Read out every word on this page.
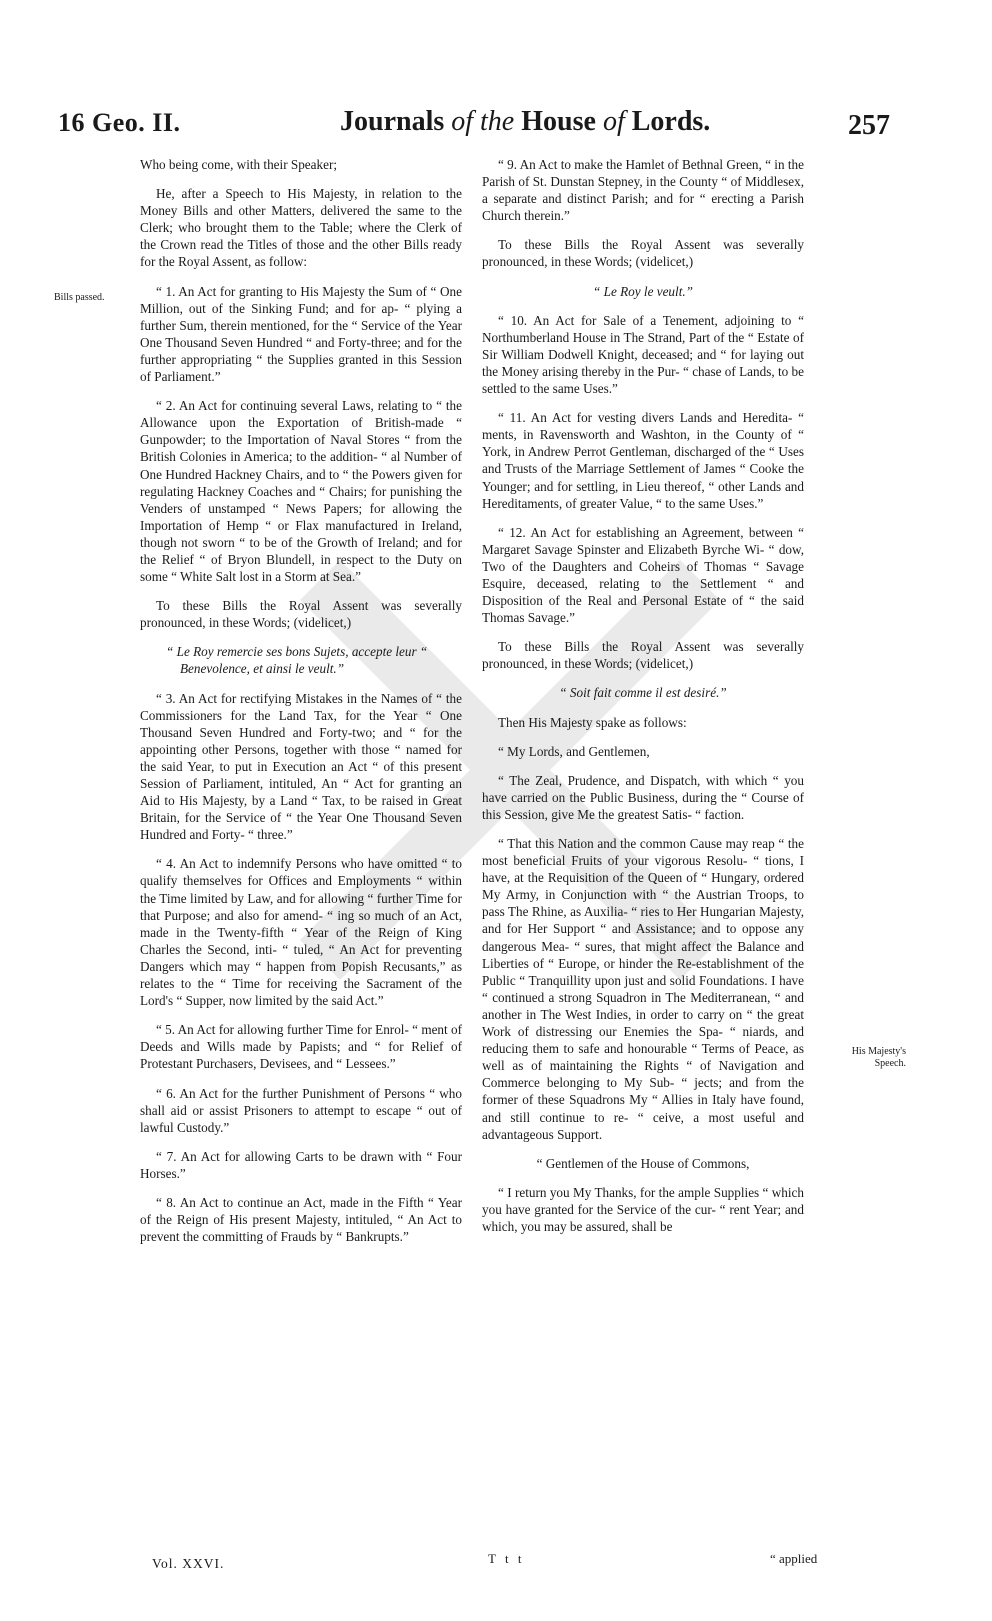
16 Geo. II.	Journals of the House of Lords.	257
Bills passed.
His Majesty's Speech.

Who being come, with their Speaker;

He, after a Speech to His Majesty, in relation to the Money Bills and other Matters, delivered the same to the Clerk; who brought them to the Table; where the Clerk of the Crown read the Titles of those and the other Bills ready for the Royal Assent, as follow:

“ 1. An Act for granting to His Majesty the Sum of “ One Million, out of the Sinking Fund; and for ap- “ plying a further Sum, therein mentioned, for the “ Service of the Year One Thousand Seven Hundred “ and Forty-three; and for the further appropriating “ the Supplies granted in this Session of Parliament.”

“ 2. An Act for continuing several Laws, relating to “ the Allowance upon the Exportation of British-made “ Gunpowder; to the Importation of Naval Stores “ from the British Colonies in America; to the addition- “ al Number of One Hundred Hackney Chairs, and to “ the Powers given for regulating Hackney Coaches and “ Chairs; for punishing the Venders of unstamped “ News Papers; for allowing the Importation of Hemp “ or Flax manufactured in Ireland, though not sworn “ to be of the Growth of Ireland; and for the Relief “ of Bryon Blundell, in respect to the Duty on some “ White Salt lost in a Storm at Sea.”

To these Bills the Royal Assent was severally pronounced, in these Words; (videlicet,)

“ Le Roy remercie ses bons Sujets, accepte leur “ Benevolence, et ainsi le veult.”

“ 3. An Act for rectifying Mistakes in the Names of “ the Commissioners for the Land Tax, for the Year “ One Thousand Seven Hundred and Forty-two; and “ for the appointing other Persons, together with those “ named for the said Year, to put in Execution an Act “ of this present Session of Parliament, intituled, An “ Act for granting an Aid to His Majesty, by a Land “ Tax, to be raised in Great Britain, for the Service of “ the Year One Thousand Seven Hundred and Forty- “ three.”

“ 4. An Act to indemnify Persons who have omitted “ to qualify themselves for Offices and Employments “ within the Time limited by Law, and for allowing “ further Time for that Purpose; and also for amend- “ ing so much of an Act, made in the Twenty-fifth “ Year of the Reign of King Charles the Second, inti- “ tuled, “ An Act for preventing Dangers which may “ happen from Popish Recusants,” as relates to the “ Time for receiving the Sacrament of the Lord's “ Supper, now limited by the said Act.”

“ 5. An Act for allowing further Time for Enrol- “ ment of Deeds and Wills made by Papists; and “ for Relief of Protestant Purchasers, Devisees, and “ Lessees.”

“ 6. An Act for the further Punishment of Persons “ who shall aid or assist Prisoners to attempt to escape “ out of lawful Custody.”

“ 7. An Act for allowing Carts to be drawn with “ Four Horses.”

“ 8. An Act to continue an Act, made in the Fifth “ Year of the Reign of His present Majesty, intituled, “ An Act to prevent the committing of Frauds by “ Bankrupts.”

“ 9. An Act to make the Hamlet of Bethnal Green, “ in the Parish of St. Dunstan Stepney, in the County “ of Middlesex, a separate and distinct Parish; and for “ erecting a Parish Church therein.”

To these Bills the Royal Assent was severally pronounced, in these Words; (videlicet,)

“ Le Roy le veult.”

“ 10. An Act for Sale of a Tenement, adjoining to “ Northumberland House in The Strand, Part of the “ Estate of Sir William Dodwell Knight, deceased; and “ for laying out the Money arising thereby in the Pur- “ chase of Lands, to be settled to the same Uses.”

“ 11. An Act for vesting divers Lands and Heredita- “ ments, in Ravensworth and Washton, in the County of “ York, in Andrew Perrot Gentleman, discharged of the “ Uses and Trusts of the Marriage Settlement of James “ Cooke the Younger; and for settling, in Lieu thereof, “ other Lands and Hereditaments, of greater Value, “ to the same Uses.”

“ 12. An Act for establishing an Agreement, between “ Margaret Savage Spinster and Elizabeth Byrche Wi- “ dow, Two of the Daughters and Coheirs of Thomas “ Savage Esquire, deceased, relating to the Settlement “ and Disposition of the Real and Personal Estate of “ the said Thomas Savage.”

To these Bills the Royal Assent was severally pronounced, in these Words; (videlicet,)

“ Soit fait comme il est desiré.”

Then His Majesty spake as follows:

“ My Lords, and Gentlemen,

“ The Zeal, Prudence, and Dispatch, with which “ you have carried on the Public Business, during the “ Course of this Session, give Me the greatest Satis- “ faction.

“ That this Nation and the common Cause may reap “ the most beneficial Fruits of your vigorous Resolu- “ tions, I have, at the Requisition of the Queen of “ Hungary, ordered My Army, in Conjunction with “ the Austrian Troops, to pass The Rhine, as Auxilia- “ ries to Her Hungarian Majesty, and for Her Support “ and Assistance; and to oppose any dangerous Mea- “ sures, that might affect the Balance and Liberties of “ Europe, or hinder the Re-establishment of the Public “ Tranquillity upon just and solid Foundations. I have “ continued a strong Squadron in The Mediterranean, “ and another in The West Indies, in order to carry on “ the great Work of distressing our Enemies the Spa- “ niards, and reducing them to safe and honourable “ Terms of Peace, as well as of maintaining the Rights “ of Navigation and Commerce belonging to My Sub- “ jects; and from the former of these Squadrons My “ Allies in Italy have found, and still continue to re- “ ceive, a most useful and advantageous Support.

“ Gentlemen of the House of Commons,

“ I return you My Thanks, for the ample Supplies “ which you have granted for the Service of the cur- “ rent Year; and which, you may be assured, shall be

Vol. XXVI.	T t t	“ applied
